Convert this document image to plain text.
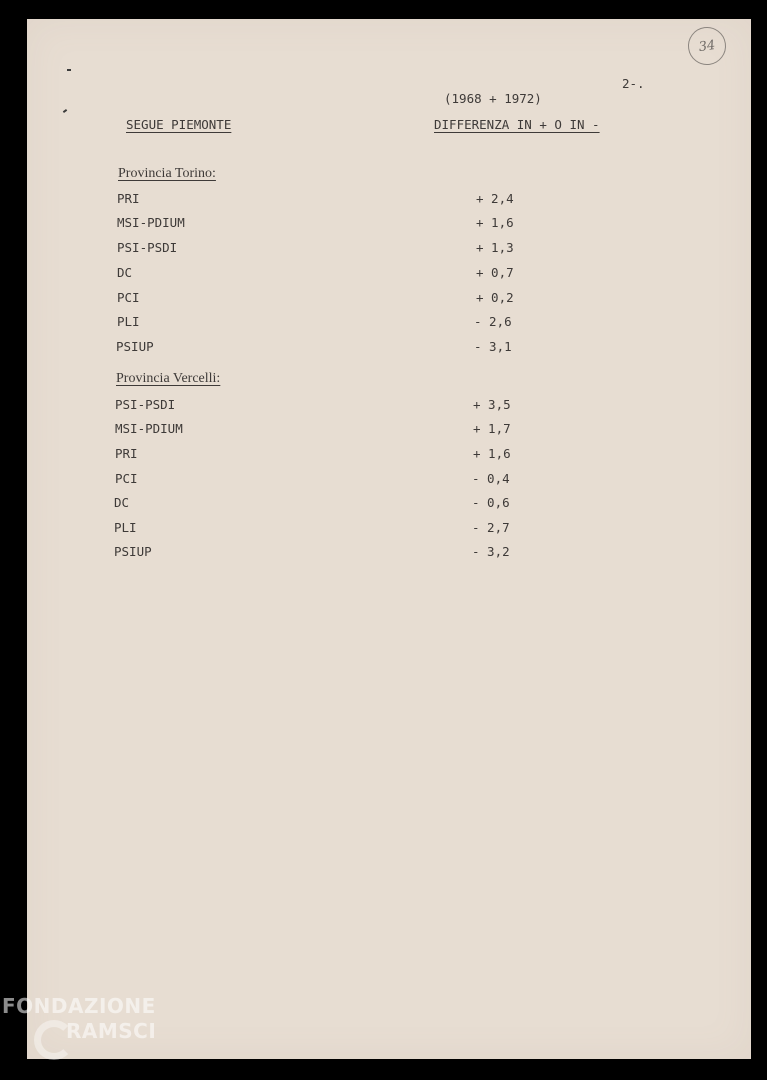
34
2-.
(1968 + 1972)
SEGUE PIEMONTE	DIFFERENZA IN + O IN -
Provincia Torino:
PRI	+ 2,4
MSI-PDIUM	+ 1,6
PSI-PSDI	+ 1,3
DC	+ 0,7
PCI	+ 0,2
PLI	- 2,6
PSIUP	- 3,1
Provincia Vercelli:
PSI-PSDI	+ 3,5
MSI-PDIUM	+ 1,7
PRI	+ 1,6
PCI	- 0,4
DC	- 0,6
PLI	- 2,7
PSIUP	- 3,2
FONDAZIONE
RAMSCI
